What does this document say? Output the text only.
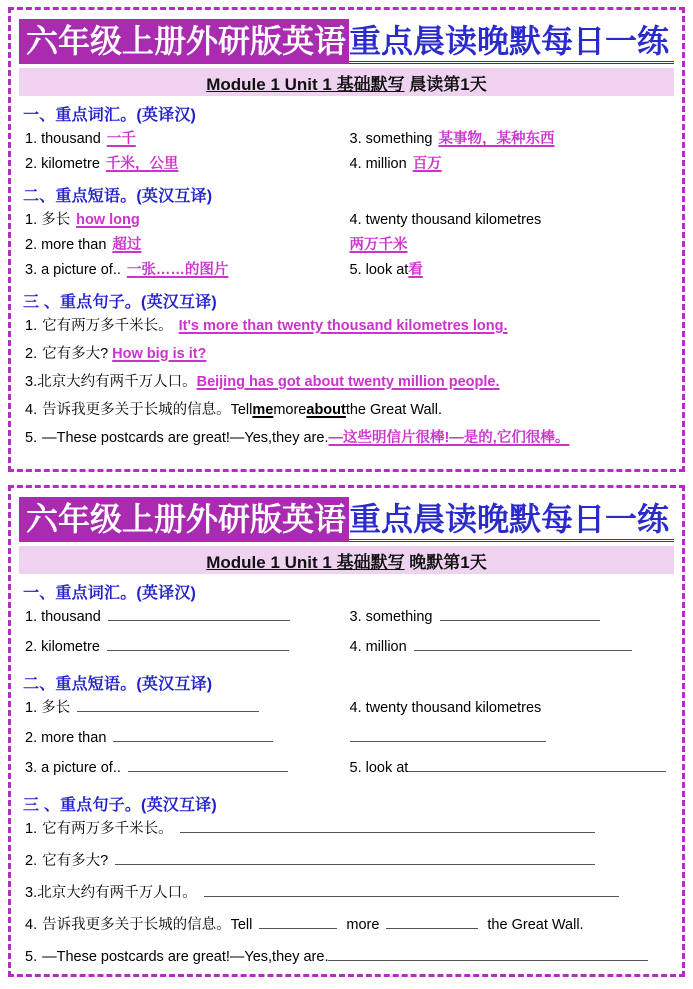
六年级上册外研版英语 重点晨读晚默每日一练
Module 1 Unit 1 基础默写 晨读第1天
一、重点词汇。(英译汉)
1. thousand 一千	3. something 某事物，某种东西
2. kilometre 千米，公里	4. million 百万
二、重点短语。(英汉互译)
1. 多长 how long	4. twenty thousand kilometres
2. more than 超过	两万千米
3. a picture of.. 一张……的图片	5. look at 看
三 、重点句子。(英汉互译)
1. 它有两万多千米长。 It's more than twenty thousand kilometres long.
2. 它有多大? How big is it?
3. 北京大约有两千万人口。 Beijing has got about twenty million people.
4. 告诉我更多关于长城的信息。Tell me more about the Great Wall.
5. —These postcards are great!—Yes,they are. —这些明信片很棒!—是的,它们很棒。
六年级上册外研版英语 重点晨读晚默每日一练
Module 1 Unit 1 基础默写 晚默第1天
一、重点词汇。(英译汉)
1. thousand	3. something
2. kilometre	4. million
二、重点短语。(英汉互译)
1. 多长	4. twenty thousand kilometres
2. more than
3. a picture of..	5. look at
三 、重点句子。(英汉互译)
1. 它有两万多千米长。
2. 它有多大?
3. 北京大约有两千万人口。
4. 告诉我更多关于长城的信息。Tell	more	the Great Wall.
5. —These postcards are great!—Yes,they are.
